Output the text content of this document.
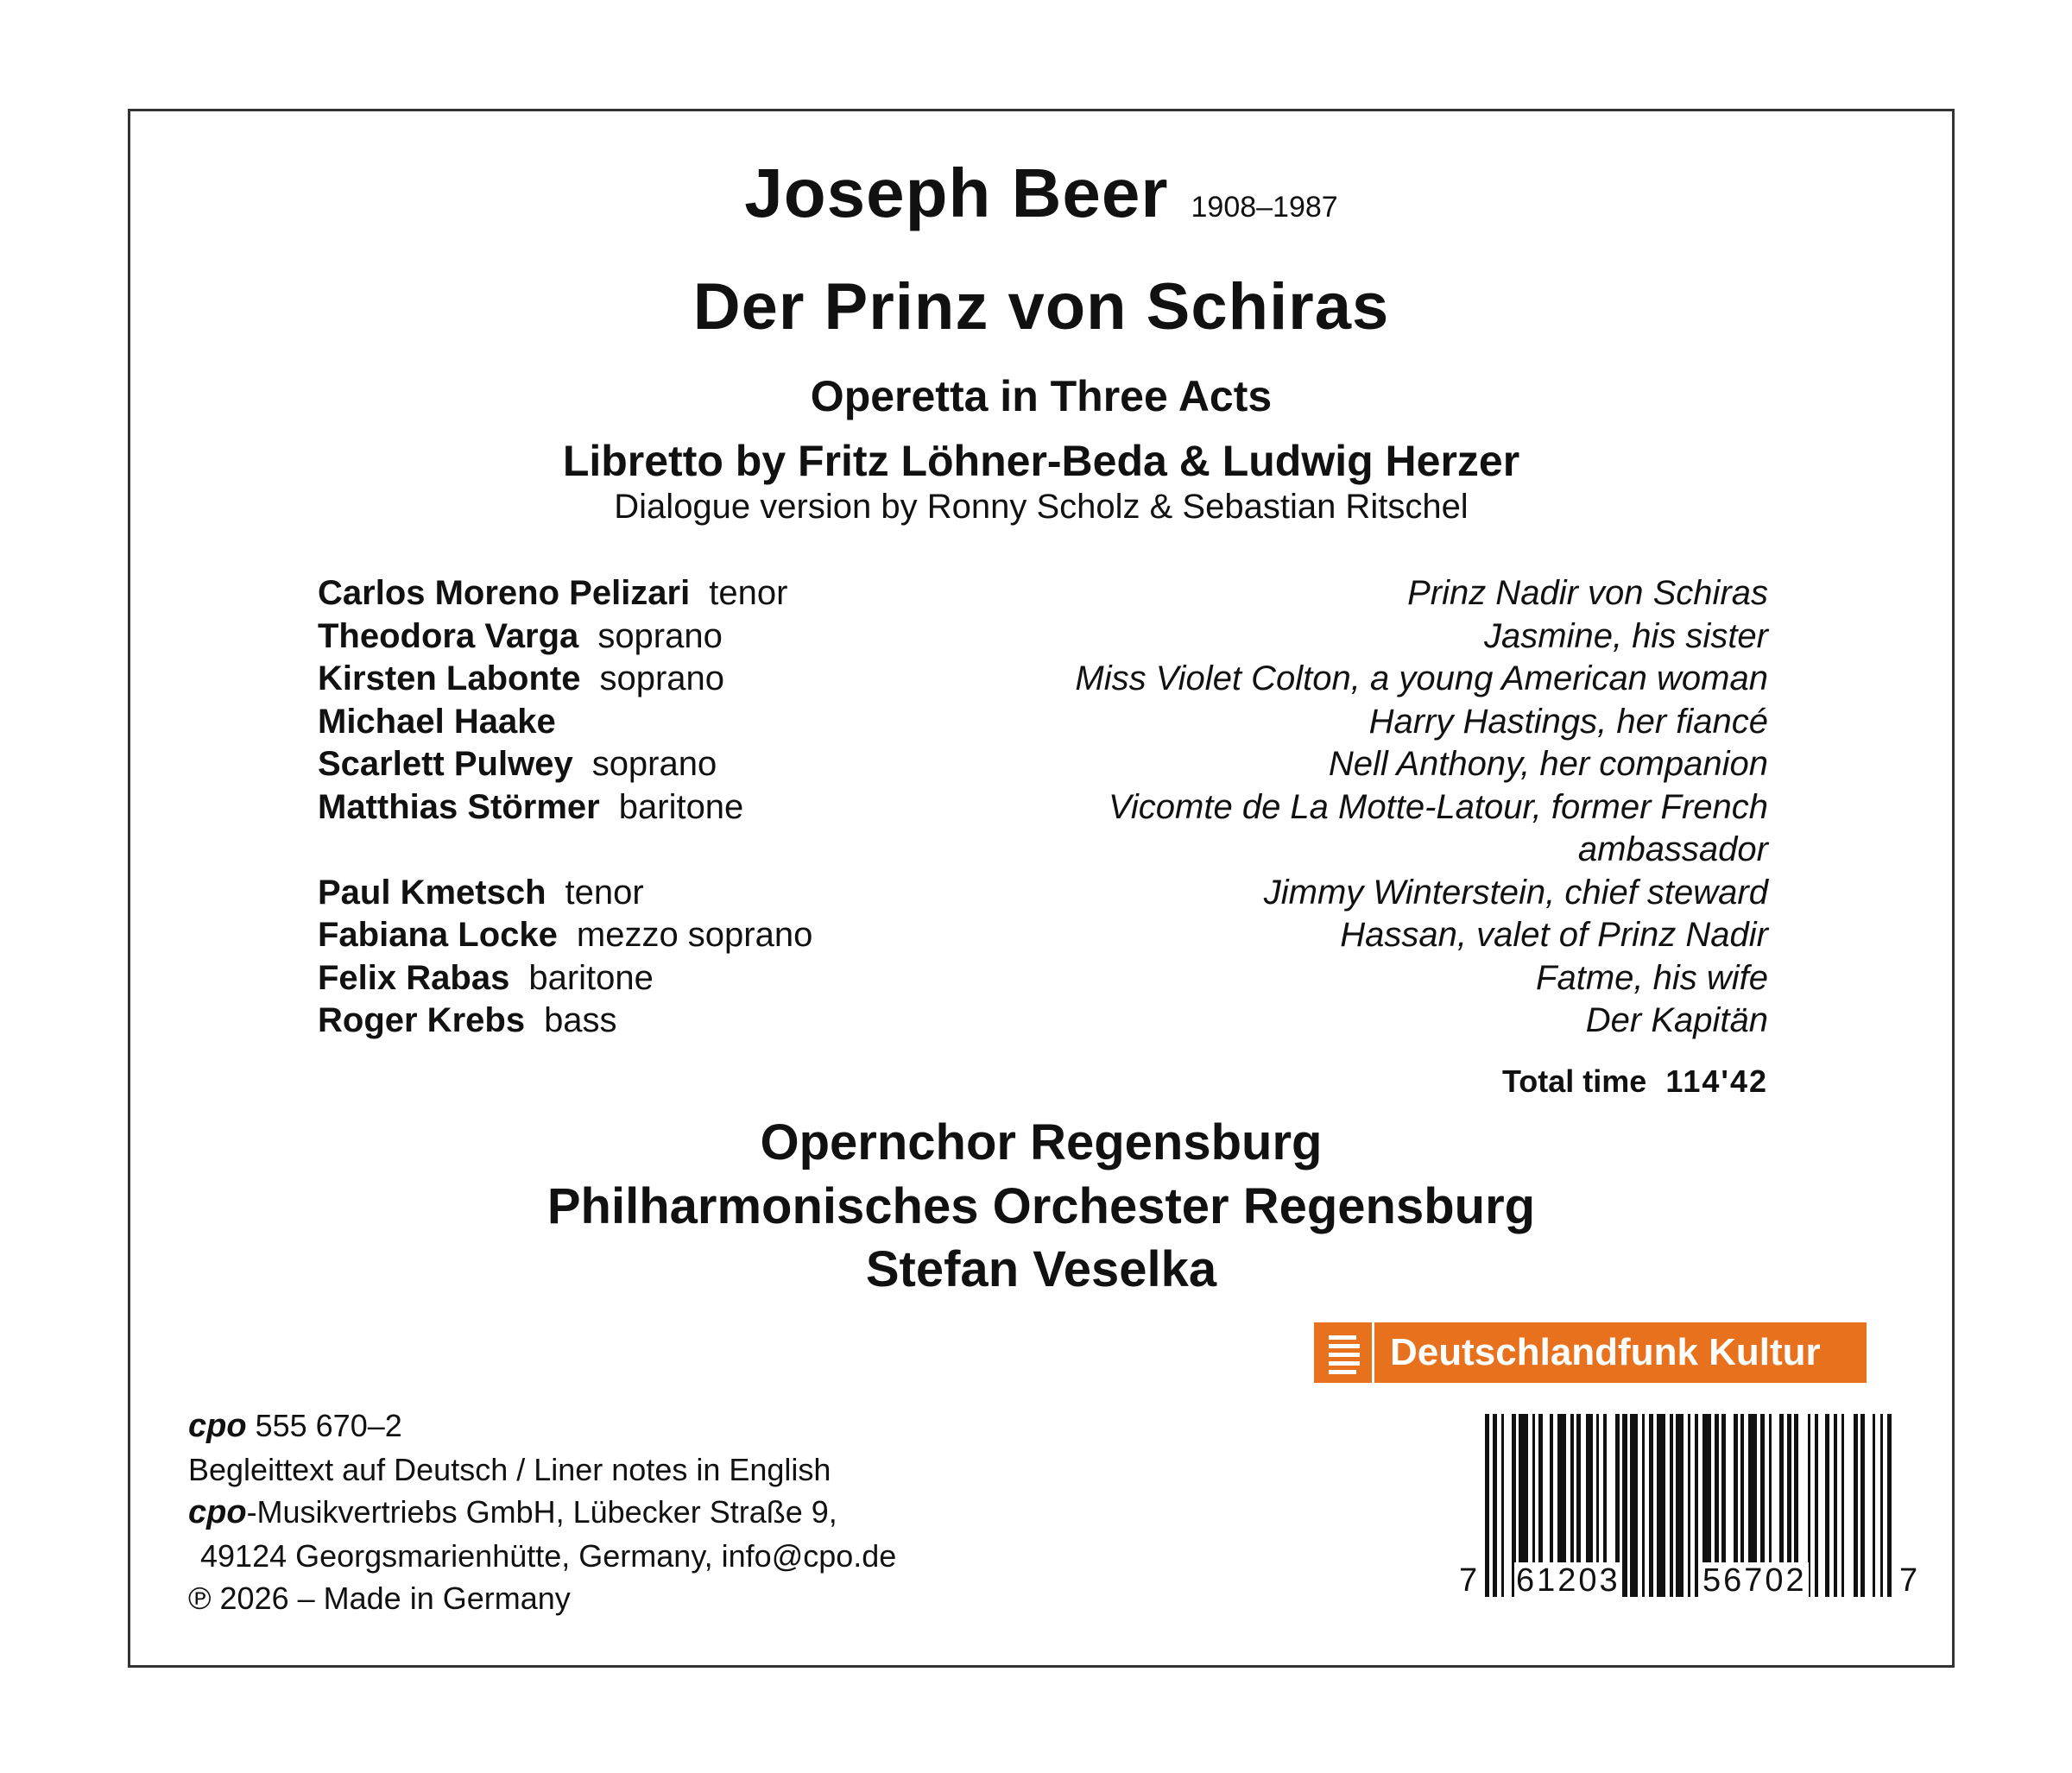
Joseph Beer 1908–1987
Der Prinz von Schiras
Operetta in Three Acts
Libretto by Fritz Löhner-Beda & Ludwig Herzer
Dialogue version by Ronny Scholz & Sebastian Ritschel
Carlos Moreno Pelizari tenor	Prinz Nadir von Schiras
Theodora Varga soprano	Jasmine, his sister
Kirsten Labonte soprano	Miss Violet Colton, a young American woman
Michael Haake	Harry Hastings, her fiancé
Scarlett Pulwey soprano	Nell Anthony, her companion
Matthias Störmer baritone	Vicomte de La Motte-Latour, former French
ambassador
Paul Kmetsch tenor	Jimmy Winterstein, chief steward
Fabiana Locke mezzo soprano	Hassan, valet of Prinz Nadir
Felix Rabas baritone	Fatme, his wife
Roger Krebs bass	Der Kapitän
Total time 114'42
Opernchor Regensburg
Philharmonisches Orchester Regensburg
Stefan Veselka
Deutschlandfunk Kultur
cpo 555 670–2
Begleittext auf Deutsch / Liner notes in English
cpo-Musikvertriebs GmbH, Lübecker Straße 9,
49124 Georgsmarienhütte, Germany, info@cpo.de
℗ 2026 – Made in Germany	7 61203	56702	7
